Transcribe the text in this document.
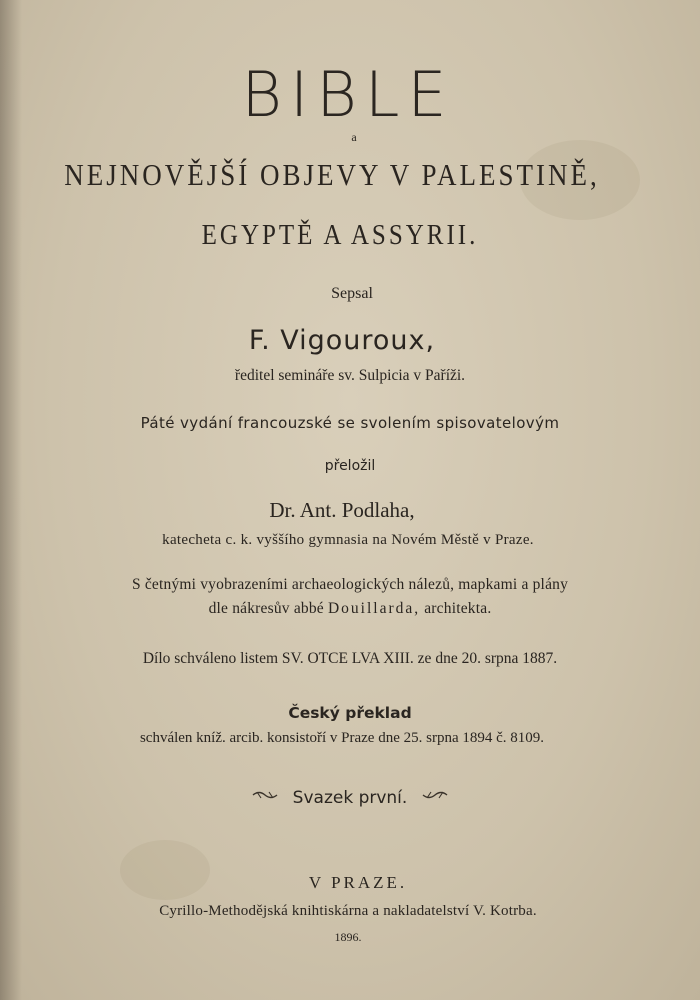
BIBLE
a
NEJNOVĚJŠÍ OBJEVY V PALESTINĚ,
EGYPTĚ A ASSYRII.
Sepsal
F. Vigouroux,
ředitel semináře sv. Sulpicia v Paříži.
Páté vydání francouzské se svolením spisovatelovým
přeložil
Dr. Ant. Podlaha,
katecheta c. k. vyššího gymnasia na Novém Městě v Praze.
S četnými vyobrazeními archaeologických nálezů, mapkami a plány
dle nákresův abbé Douillarda, architekta.
Dílo schváleno listem SV. OTCE LVA XIII. ze dne 20. srpna 1887.
Český překlad
schválen kníž. arcib. konsistoří v Praze dne 25. srpna 1894 č. 8109.
Svazek první.
V PRAZE.
Cyrillo-Methodějská knihtiskárna a nakladatelství V. Kotrba.
1896.
